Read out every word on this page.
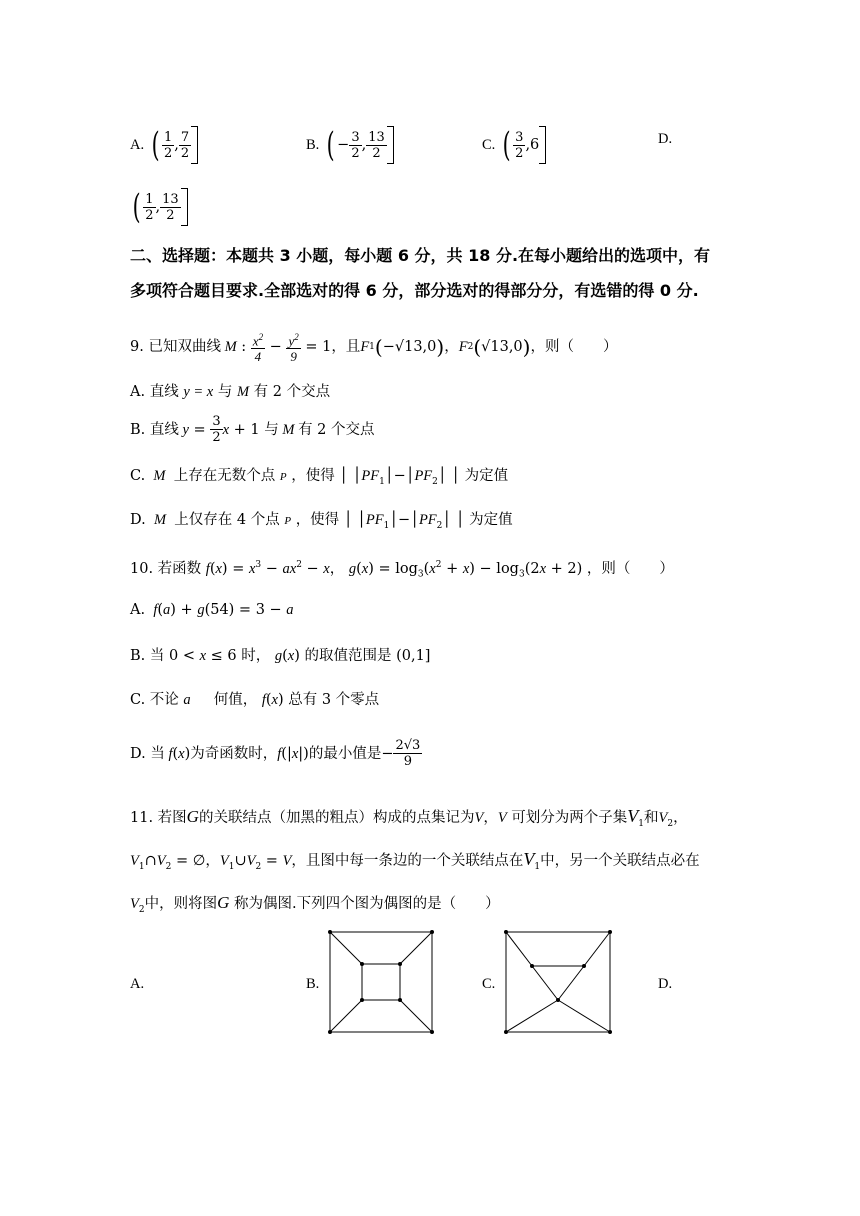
A.
( $\frac{1}{2}$ , $\frac{7}{2}$	B.
( − $\frac{3}{2}$ , $\frac{13}{2}$	C.
( $\frac{3}{2} ,6$	D.
( $\frac{1}{2}$ , $\frac{13}{2}$
二、选择题：本题共 3 小题，每小题 6 分，共 18 分.在每小题给出的选项中，有
多项符合题目要求.全部选对的得 6 分，部分选对的得部分分，有选错的得 0 分.
9. 已知双曲线 M : $\frac{x^2}{4} - \frac{y^2}{9} = 1$ ，且 F 1 ( −√13,0 ) ， F 2 ( √13,0 ) ，则（　　）
A. 直线 y = x 与 M 有 2 个交点
B. 直线 $y = \frac{3}{2}$ x + 1 与 M 有 2 个交点
C.  M  上存在无数个点 P ，使得 │ $│PF_1│-│PF_2│$ │ 为定值
D.  M  上仅存在 4 个点 P ，使得 │ $│PF_1│-│PF_2│$ │ 为定值
10. 若函数 $f(x) = x^3 - ax^2 - x$， $g(x) = \log_3(x^2 + x) - \log_3(2x + 2)$ ，则（　　）
A.  f(a) + g(54) = 3 − a
B. 当 0 < x ≤ 6 时， g(x) 的取值范围是 (0,1]
C. 不论 a 何值， f(x) 总有 3 个零点
D. 当 f ( x ) 为奇函数时， f (| x |) 的最小值是 − $\frac{2√3}{9}$
11. 若图G的关联结点（加黑的粗点）构成的点集记为V，V 可划分为两个子集$V_1$和$V_2$，
$V_1\cap V_2$ = ∅，$V_1\cup V_2 = V$，且图中每一条边的一个关联结点在$V_1$中，另一个关联结点必在
$V_2$中，则将图G 称为偶图.下列四个图为偶图的是（　　）
A.	B.	C.	D.
